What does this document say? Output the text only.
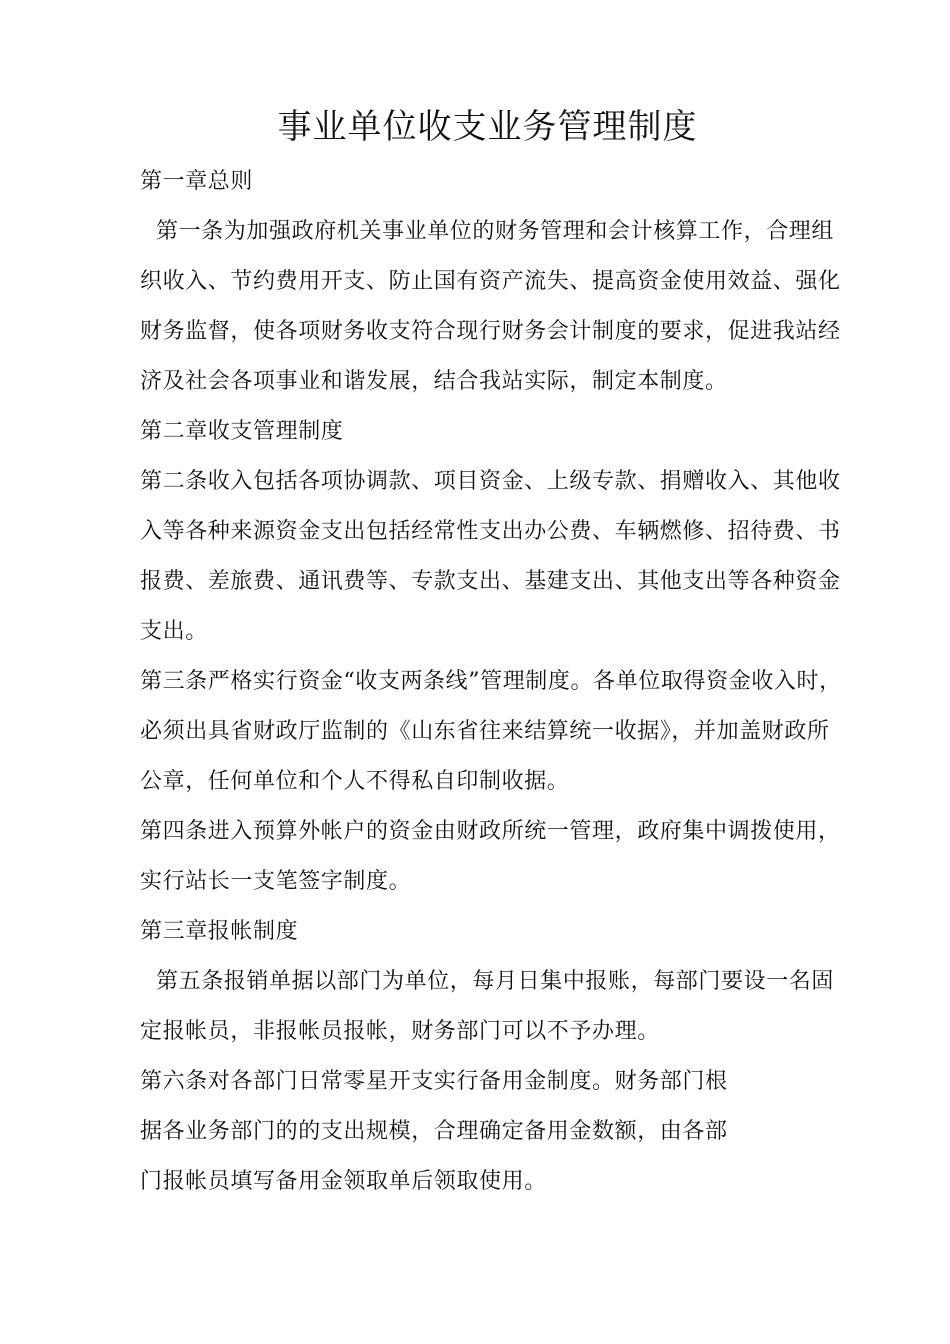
事业单位收支业务管理制度
第一章总则
第一条为加强政府机关事业单位的财务管理和会计核算工作，合理组
织收入、节约费用开支、防止国有资产流失、提高资金使用效益、强化
财务监督，使各项财务收支符合现行财务会计制度的要求，促进我站经
济及社会各项事业和谐发展，结合我站实际，制定本制度。
第二章收支管理制度
第二条收入包括各项协调款、项目资金、上级专款、捐赠收入、其他收
入等各种来源资金支出包括经常性支出办公费、车辆燃修、招待费、书
报费、差旅费、通讯费等、专款支出、基建支出、其他支出等各种资金
支出。
第三条严格实行资金“收支两条线”管理制度。各单位取得资金收入时，
必须出具省财政厅监制的《山东省往来结算统一收据》，并加盖财政所
公章，任何单位和个人不得私自印制收据。
第四条进入预算外帐户的资金由财政所统一管理，政府集中调拨使用，
实行站长一支笔签字制度。
第三章报帐制度
第五条报销单据以部门为单位，每月日集中报账，每部门要设一名固
定报帐员，非报帐员报帐，财务部门可以不予办理。
第六条对各部门日常零星开支实行备用金制度。财务部门根
据各业务部门的的支出规模，合理确定备用金数额，由各部
门报帐员填写备用金领取单后领取使用。
